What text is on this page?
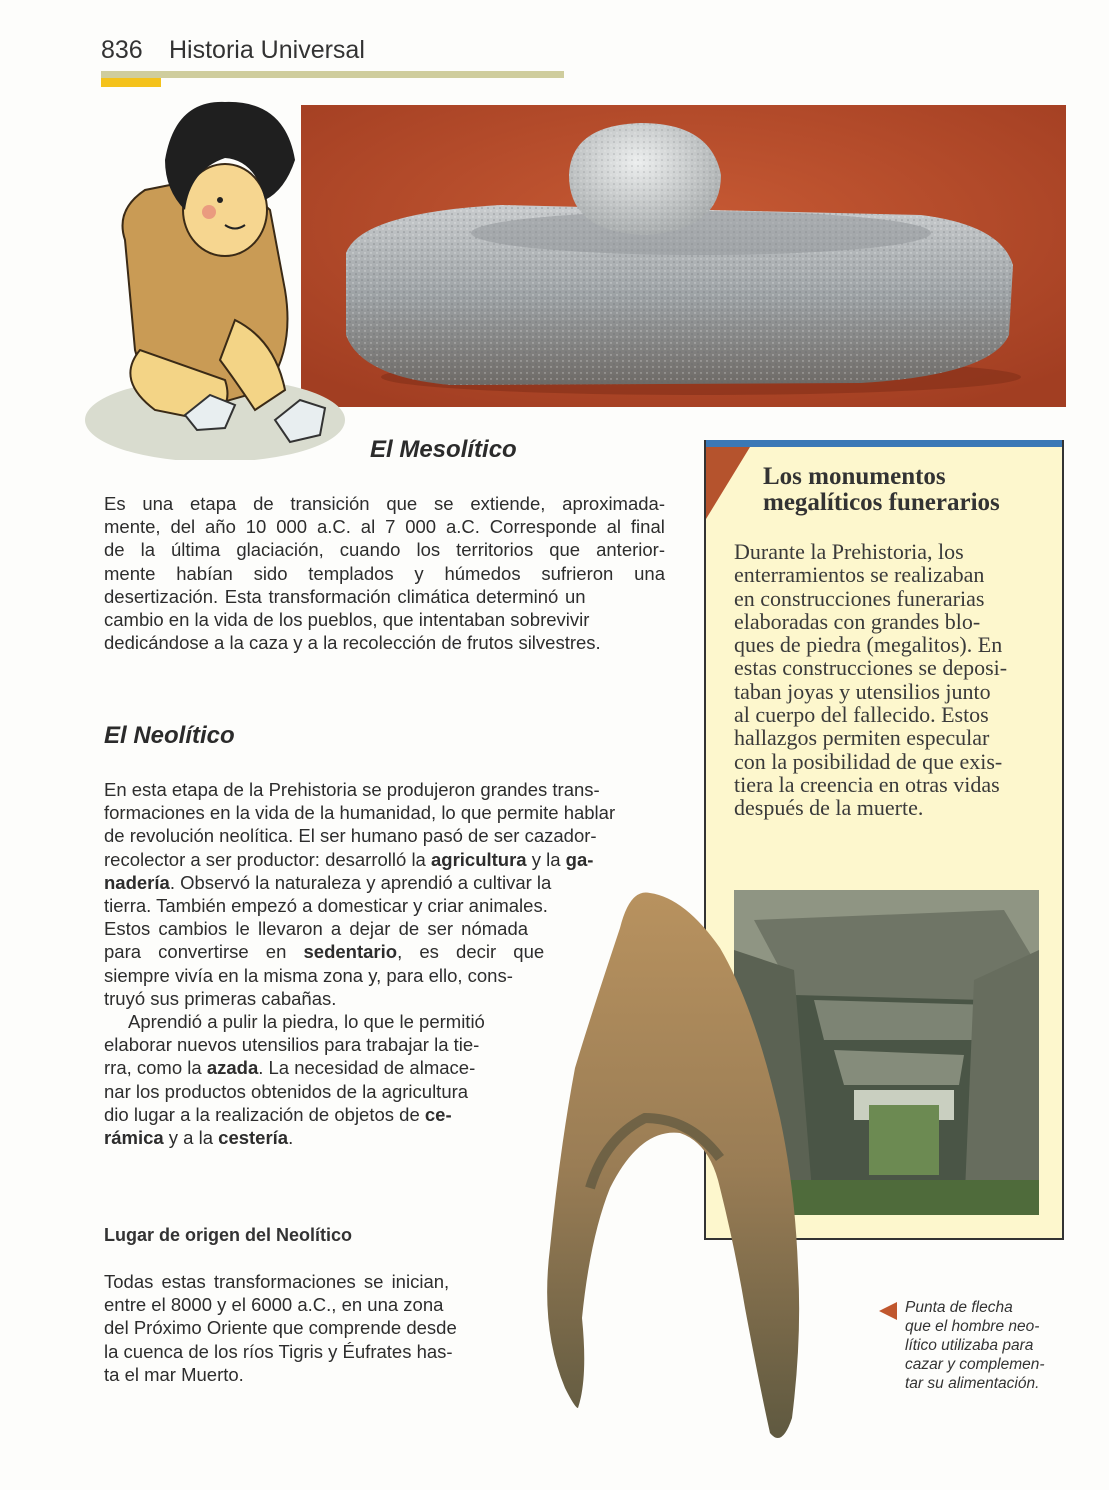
836 Historia Universal
El Mesolítico
Es una etapa de transición que se extiende, aproximada-
mente, del año 10 000 a.C. al 7 000 a.C. Corresponde al final
de la última glaciación, cuando los territorios que anterior-
mente habían sido templados y húmedos sufrieron una
desertización. Esta transformación climática determinó un
cambio en la vida de los pueblos, que intentaban sobrevivir
dedicándose a la caza y a la recolección de frutos silvestres.
El Neolítico
En esta etapa de la Prehistoria se produjeron grandes trans-
formaciones en la vida de la humanidad, lo que permite hablar
de revolución neolítica. El ser humano pasó de ser cazador-
recolector a ser productor: desarrolló la agricultura y la ga-
nadería. Observó la naturaleza y aprendió a cultivar la
tierra. También empezó a domesticar y criar animales.
Estos cambios le llevaron a dejar de ser nómada
para convertirse en sedentario, es decir que
siempre vivía en la misma zona y, para ello, cons-
truyó sus primeras cabañas.
Aprendió a pulir la piedra, lo que le permitió
elaborar nuevos utensilios para trabajar la tie-
rra, como la azada. La necesidad de almace-
nar los productos obtenidos de la agricultura
dio lugar a la realización de objetos de ce-
rámica y a la cestería.
Lugar de origen del Neolítico
Todas estas transformaciones se inician,
entre el 8000 y el 6000 a.C., en una zona
del Próximo Oriente que comprende desde
la cuenca de los ríos Tigris y Éufrates has-
ta el mar Muerto.
Los monumentos
megalíticos funerarios
Durante la Prehistoria, los
enterramientos se realizaban
en construcciones funerarias
elaboradas con grandes blo-
ques de piedra (megalitos). En
estas construcciones se deposi-
taban joyas y utensilios junto
al cuerpo del fallecido. Estos
hallazgos permiten especular
con la posibilidad de que exis-
tiera la creencia en otras vidas
después de la muerte.
Punta de flecha
que el hombre neo-
lítico utilizaba para
cazar y complemen-
tar su alimentación.
